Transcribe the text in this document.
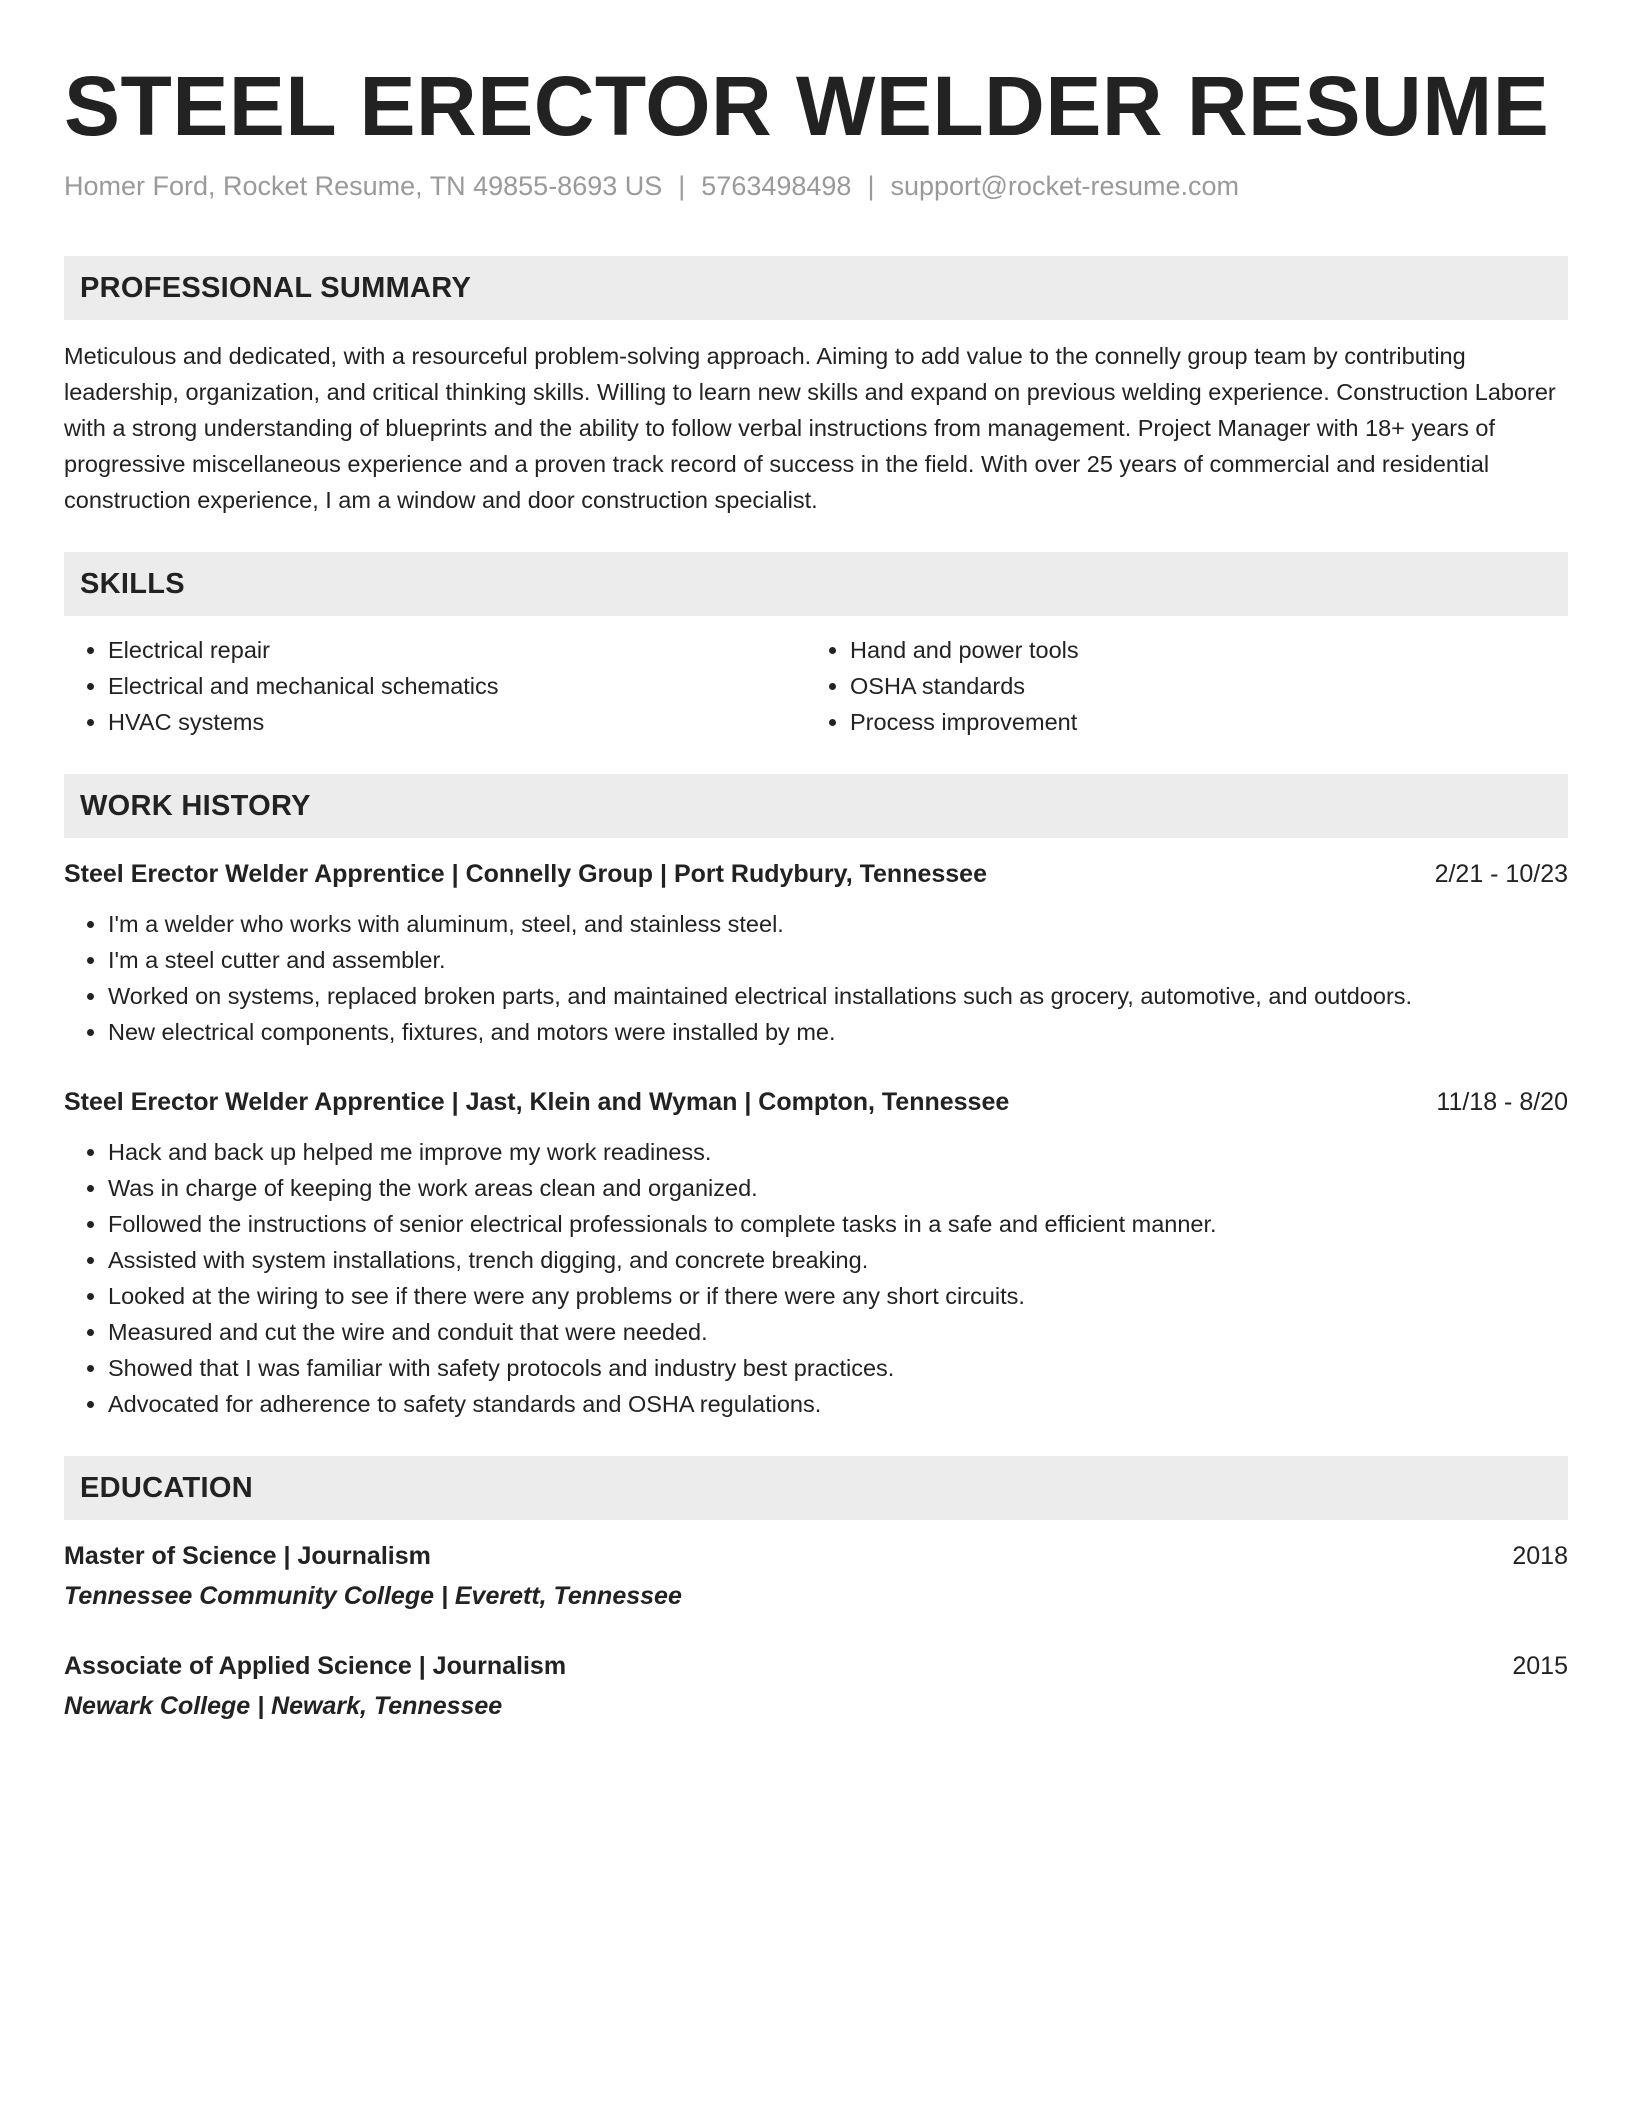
STEEL ERECTOR WELDER RESUME
Homer Ford, Rocket Resume, TN 49855-8693 US | 5763498498 | support@rocket-resume.com
PROFESSIONAL SUMMARY
Meticulous and dedicated, with a resourceful problem-solving approach. Aiming to add value to the connelly group team by contributing leadership, organization, and critical thinking skills. Willing to learn new skills and expand on previous welding experience. Construction Laborer with a strong understanding of blueprints and the ability to follow verbal instructions from management. Project Manager with 18+ years of progressive miscellaneous experience and a proven track record of success in the field. With over 25 years of commercial and residential construction experience, I am a window and door construction specialist.
SKILLS
• Electrical repair
• Electrical and mechanical schematics
• HVAC systems
• Hand and power tools
• OSHA standards
• Process improvement
WORK HISTORY
Steel Erector Welder Apprentice | Connelly Group | Port Rudybury, Tennessee	2/21 - 10/23
• I'm a welder who works with aluminum, steel, and stainless steel.
• I'm a steel cutter and assembler.
• Worked on systems, replaced broken parts, and maintained electrical installations such as grocery, automotive, and outdoors.
• New electrical components, fixtures, and motors were installed by me.
Steel Erector Welder Apprentice | Jast, Klein and Wyman | Compton, Tennessee	11/18 - 8/20
• Hack and back up helped me improve my work readiness.
• Was in charge of keeping the work areas clean and organized.
• Followed the instructions of senior electrical professionals to complete tasks in a safe and efficient manner.
• Assisted with system installations, trench digging, and concrete breaking.
• Looked at the wiring to see if there were any problems or if there were any short circuits.
• Measured and cut the wire and conduit that were needed.
• Showed that I was familiar with safety protocols and industry best practices.
• Advocated for adherence to safety standards and OSHA regulations.
EDUCATION
Master of Science | Journalism	2018
Tennessee Community College | Everett, Tennessee
Associate of Applied Science | Journalism	2015
Newark College | Newark, Tennessee
